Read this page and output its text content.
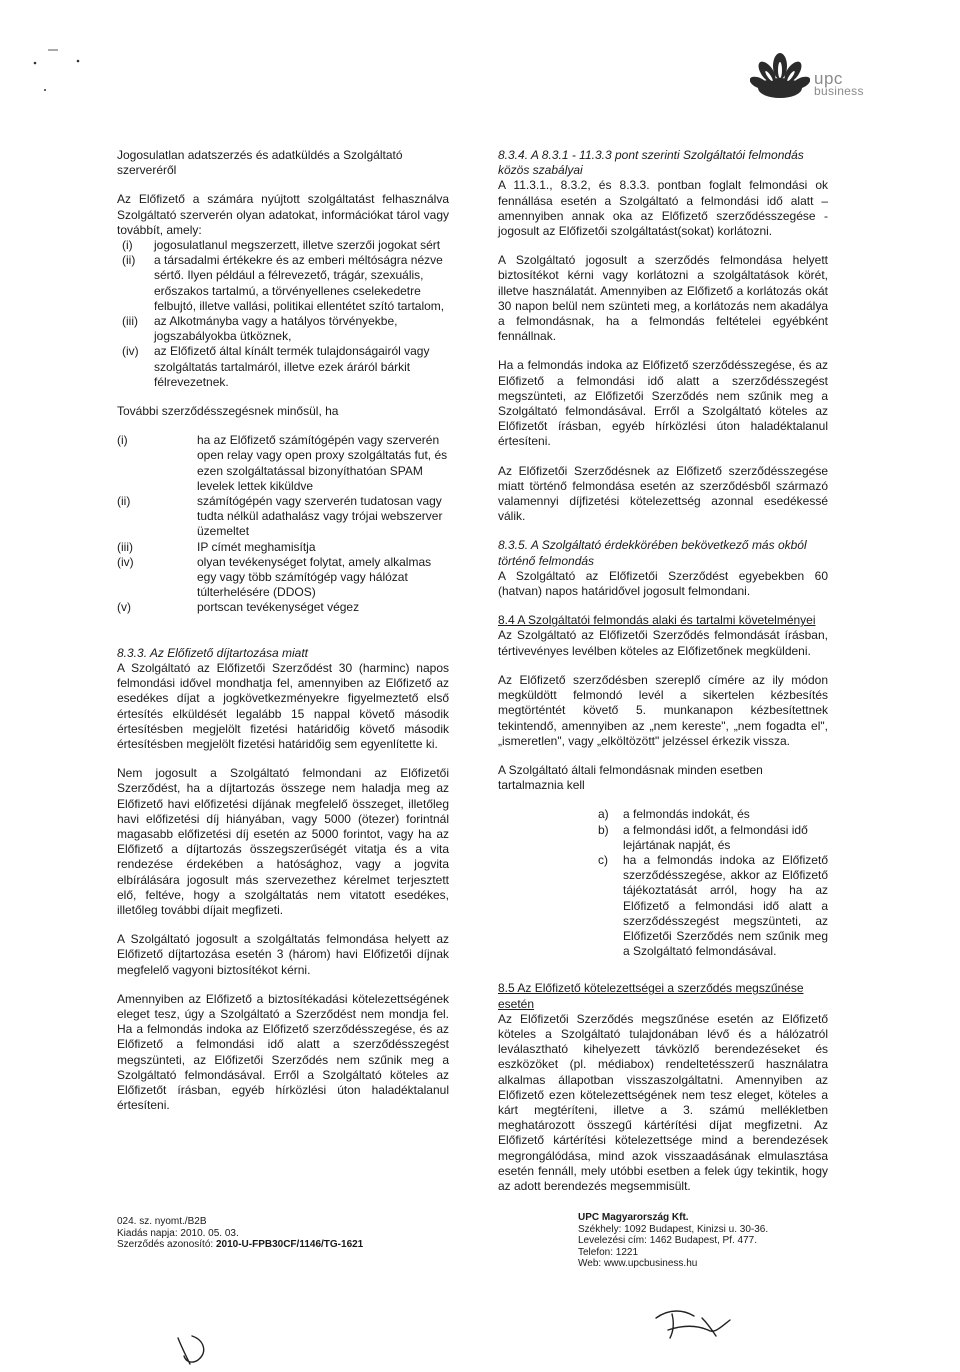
upc
business

Jogosulatlan adatszerzés és adatküldés a Szolgáltató szerveréről

Az Előfizető a számára nyújtott szolgáltatást felhasználva Szolgáltató szerverén olyan adatokat, információkat tárol vagy továbbít, amely:

(i)	jogosulatlanul megszerzett, illetve szerzői jogokat sért
(ii)	a társadalmi értékekre és az emberi méltóságra nézve sértő. Ilyen például a félrevezető, trágár, szexuális, erőszakos tartalmú, a törvényellenes cselekedetre felbujtó, illetve vallási, politikai ellentétet szító tartalom,
(iii)	az Alkotmányba vagy a hatályos törvényekbe, jogszabályokba ütköznek,
(iv)	az Előfizető által kínált termék tulajdonságairól vagy szolgáltatás tartalmáról, illetve ezek áráról bárkit félrevezetnek.

További szerződésszegésnek minősül, ha

(i)	ha az Előfizető számítógépén vagy szerverén open relay vagy open proxy szolgáltatás fut, és ezen szolgáltatással bizonyíthatóan SPAM levelek lettek kiküldve
(ii)	számítógépén vagy szerverén tudatosan vagy tudta nélkül adathalász vagy trójai webszerver üzemeltet
(iii)	IP címét meghamisítja
(iv)	olyan tevékenységet folytat, amely alkalmas egy vagy több számítógép vagy hálózat túlterhelésére (DDOS)
(v)	portscan tevékenységet végez

8.3.3. Az Előfizető díjtartozása miatt

A Szolgáltató az Előfizetői Szerződést 30 (harminc) napos felmondási idővel mondhatja fel, amennyiben az Előfizető az esedékes díjat a jogkövetkezményekre figyelmeztető első értesítés elküldését legalább 15 nappal követő második értesítésben megjelölt fizetési határidőig követő második értesítésben megjelölt fizetési határidőig sem egyenlítette ki.

Nem jogosult a Szolgáltató felmondani az Előfizetői Szerződést, ha a díjtartozás összege nem haladja meg az Előfizető havi előfizetési díjának megfelelő összeget, illetőleg havi előfizetési díj hiányában, vagy 5000 (ötezer) forintnál magasabb előfizetési díj esetén az 5000 forintot, vagy ha az Előfizető a díjtartozás összegszerűségét vitatja és a vita rendezése érdekében a hatósághoz, vagy a jogvita elbírálására jogosult más szervezethez kérelmet terjesztett elő, feltéve, hogy a szolgáltatás nem vitatott esedékes, illetőleg további díjait megfizeti.

A Szolgáltató jogosult a szolgáltatás felmondása helyett az Előfizető díjtartozása esetén 3 (három) havi Előfizetői díjnak megfelelő vagyoni biztosítékot kérni.

Amennyiben az Előfizető a biztosítékadási kötelezettségének eleget tesz, úgy a Szolgáltató a Szerződést nem mondja fel. Ha a felmondás indoka az Előfizető szerződésszegése, és az Előfizető a felmondási idő alatt a szerződésszegést megszünteti, az Előfizetői Szerződés nem szűnik meg a Szolgáltató felmondásával. Erről a Szolgáltató köteles az Előfizetőt írásban, egyéb hírközlési úton haladéktalanul értesíteni.

8.3.4. A 8.3.1 - 11.3.3 pont szerinti Szolgáltatói felmondás közös szabályai

A 11.3.1., 8.3.2, és 8.3.3. pontban foglalt felmondási ok fennállása esetén a Szolgáltató a felmondási idő alatt – amennyiben annak oka az Előfizető szerződésszegése - jogosult az Előfizetői szolgáltatást(sokat) korlátozni.

A Szolgáltató jogosult a szerződés felmondása helyett biztosítékot kérni vagy korlátozni a szolgáltatások körét, illetve használatát. Amennyiben az Előfizető a korlátozás okát 30 napon belül nem szünteti meg, a korlátozás nem akadálya a felmondásnak, ha a felmondás feltételei egyébként fennállnak.

Ha a felmondás indoka az Előfizető szerződésszegése, és az Előfizető a felmondási idő alatt a szerződésszegést megszünteti, az Előfizetői Szerződés nem szűnik meg a Szolgáltató felmondásával. Erről a Szolgáltató köteles az Előfizetőt írásban, egyéb hírközlési úton haladéktalanul értesíteni.

Az Előfizetői Szerződésnek az Előfizető szerződésszegése miatt történő felmondása esetén az szerződésből származó valamennyi díjfizetési kötelezettség azonnal esedékessé válik.

8.3.5. A Szolgáltató érdekkörében bekövetkező más okból történő felmondás

A Szolgáltató az Előfizetői Szerződést egyebekben 60 (hatvan) napos határidővel jogosult felmondani.

8.4 A Szolgáltatói felmondás alaki és tartalmi követelményei

Az Szolgáltató az Előfizetői Szerződés felmondását írásban, tértivevényes levélben köteles az Előfizetőnek megküldeni.

Az Előfizető szerződésben szereplő címére az ily módon megküldött felmondó levél a sikertelen kézbesítés megtörténtét követő 5. munkanapon kézbesítettnek tekintendő, amennyiben az „nem kereste", „nem fogadta el", „ismeretlen", vagy „elköltözött" jelzéssel érkezik vissza.

A Szolgáltató általi felmondásnak minden esetben tartalmaznia kell

a)	a felmondás indokát, és
b)	a felmondási időt, a felmondási idő lejártának napját, és
c)	ha a felmondás indoka az Előfizető szerződésszegése, akkor az Előfizető tájékoztatását arról, hogy ha az Előfizető a felmondási idő alatt a szerződésszegést megszünteti, az Előfizetői Szerződés nem szűnik meg a Szolgáltató felmondásával.

8.5 Az Előfizető kötelezettségei a szerződés megszűnése esetén

Az Előfizetői Szerződés megszűnése esetén az Előfizető köteles a Szolgáltató tulajdonában lévő és a hálózatról leválasztható kihelyezett távközlő berendezéseket és eszközöket (pl. médiabox) rendeltetésszerű használatra alkalmas állapotban visszaszolgáltatni. Amennyiben az Előfizető ezen kötelezettségének nem tesz eleget, köteles a kárt megtéríteni, illetve a 3. számú mellékletben meghatározott összegű kártérítési díjat megfizetni. Az Előfizető kártérítési kötelezettsége mind a berendezések megrongálódása, mind azok visszaadásának elmulasztása esetén fennáll, mely utóbbi esetben a felek úgy tekintik, hogy az adott berendezés megsemmisült.

024. sz. nyomt./B2B
Kiadás napja: 2010. 05. 03.
Szerződés azonosító: 2010-U-FPB30CF/1146/TG-1621
UPC Magyarország Kft.
Székhely: 1092 Budapest, Kinizsi u. 30-36.
Levelezési cím: 1462 Budapest, Pf. 477.
Telefon: 1221
Web: www.upcbusiness.hu
